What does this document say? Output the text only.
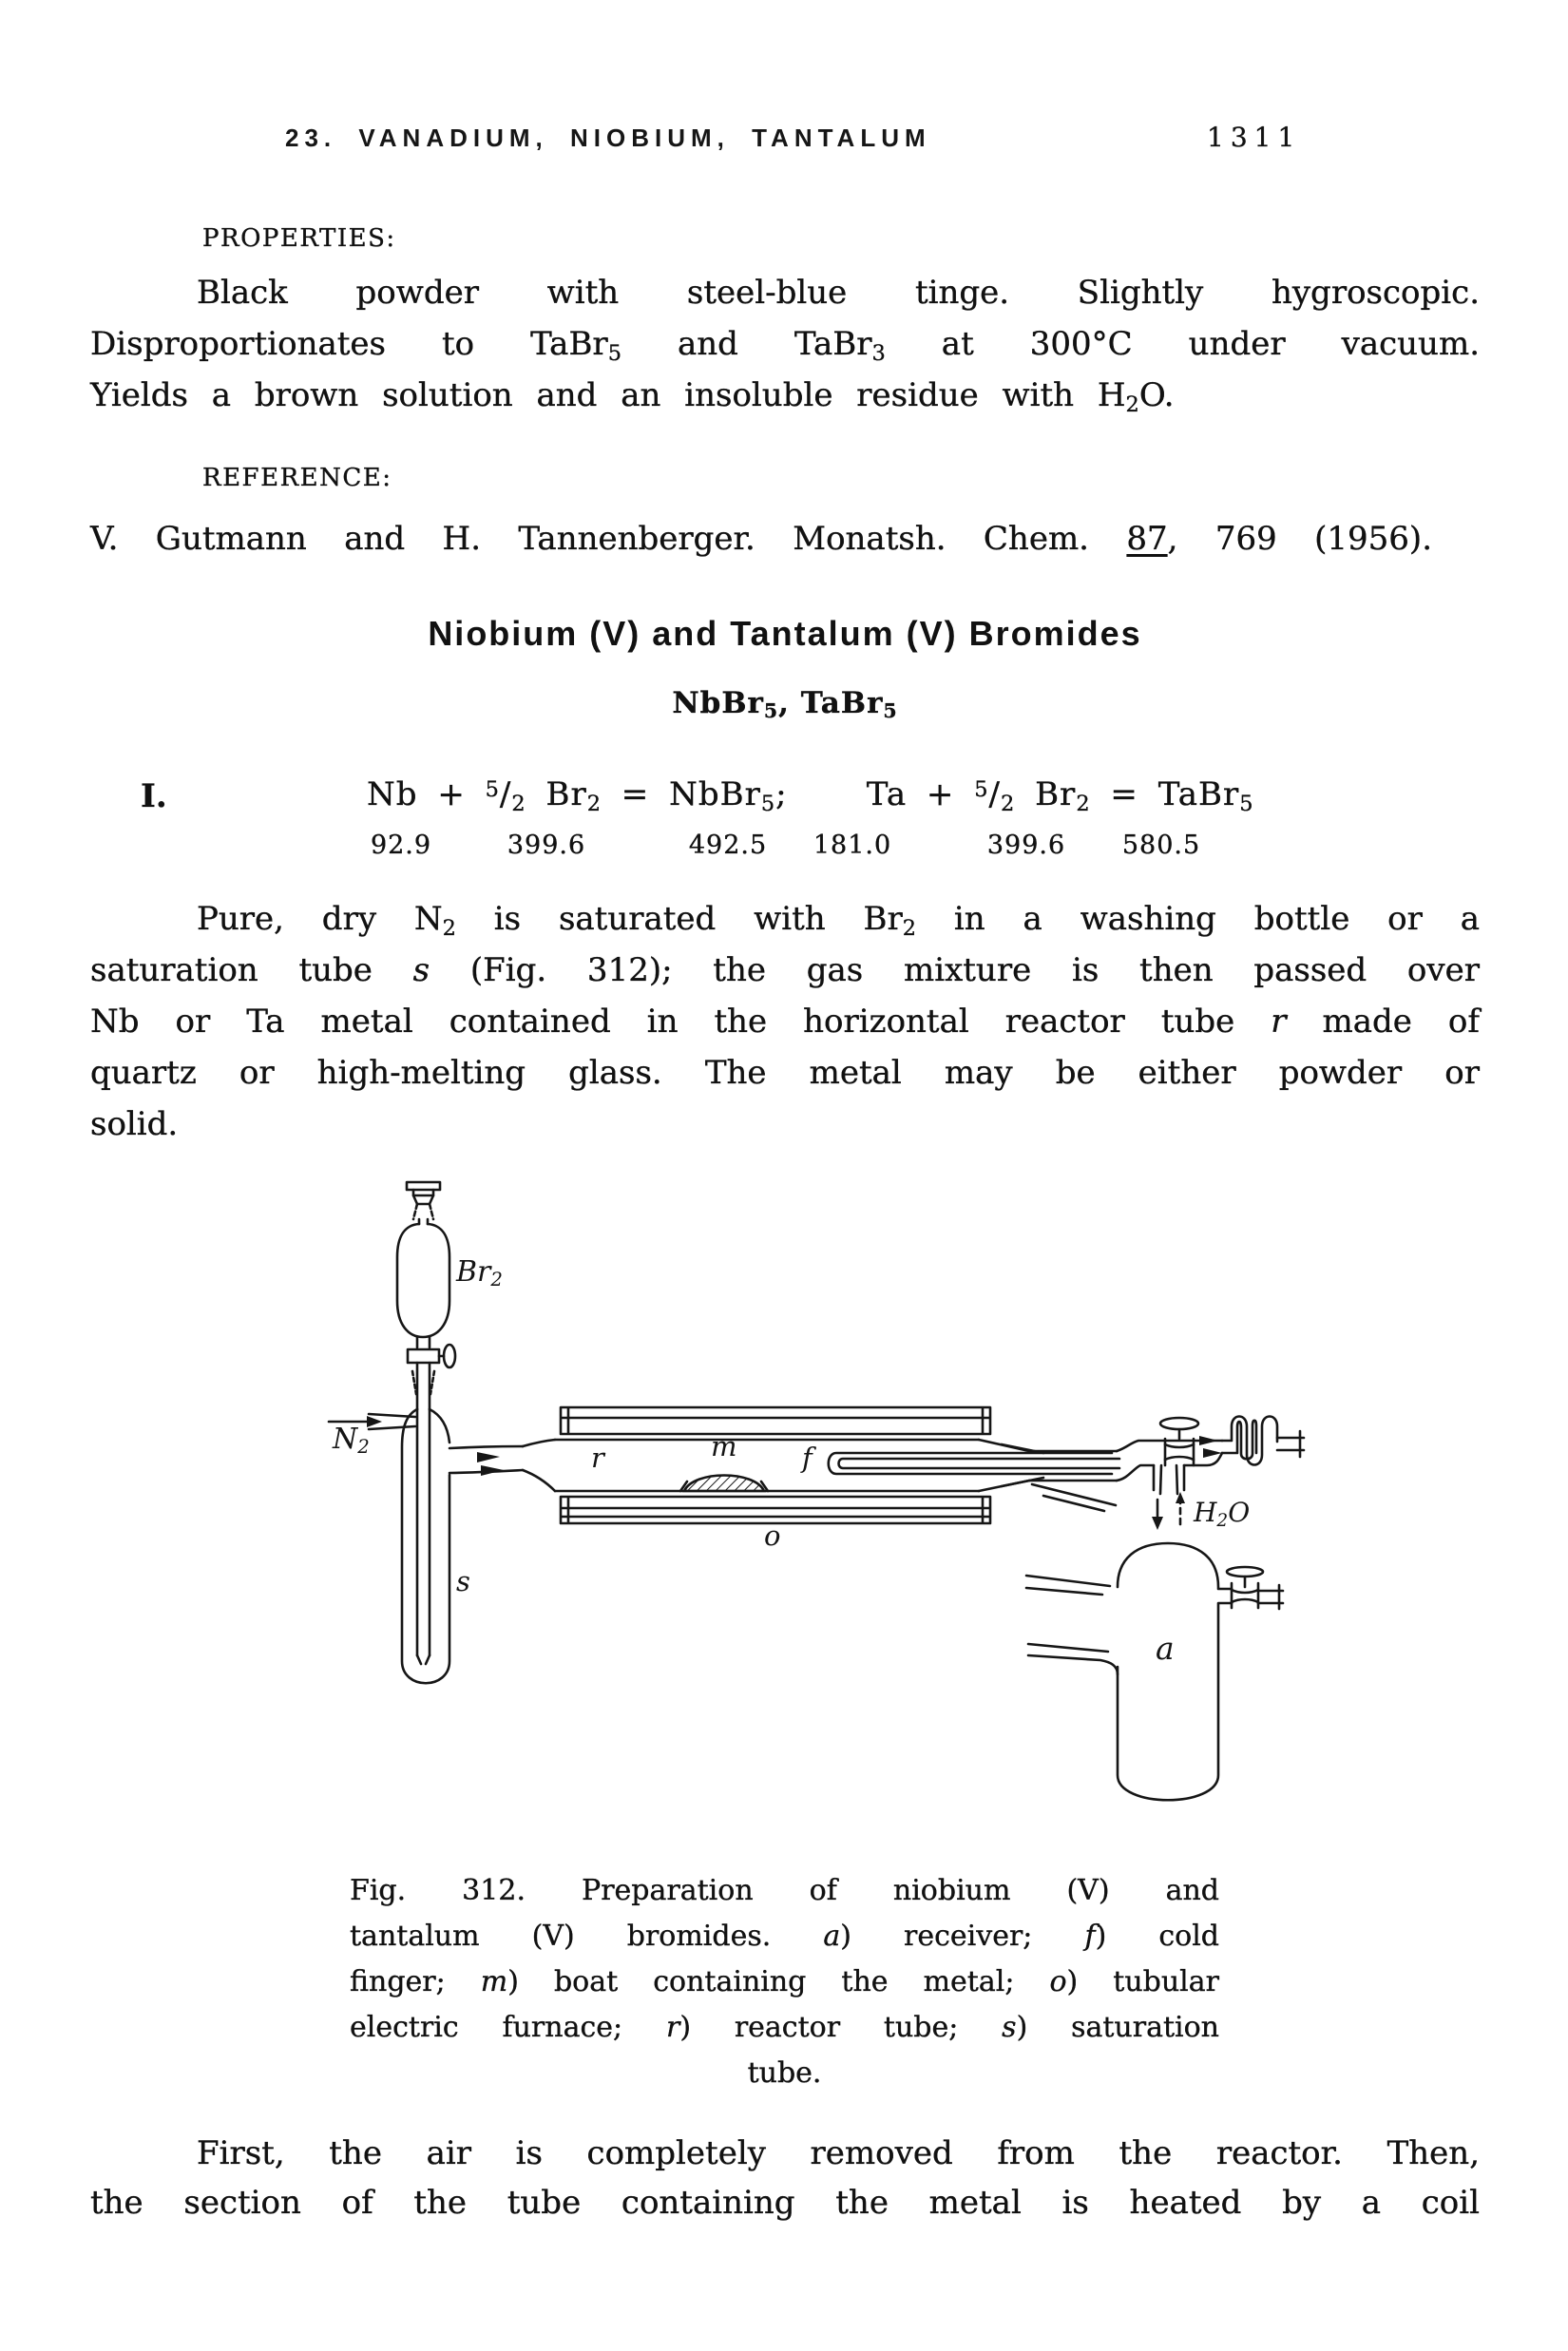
23. VANADIUM, NIOBIUM, TANTALUM	1311
PROPERTIES:
Black powder with steel-blue tinge. Slightly hygroscopic.
Disproportionates to TaBr$_5$ and TaBr$_3$ at 300°C under vacuum.
Yields a brown solution and an insoluble residue with $H_2O$.
REFERENCE:
V. Gutmann and H. Tannenberger. Monatsh. Chem. 87, 769 (1956).
Niobium (V) and Tantalum (V) Bromides
NbBr$_5$, TaBr$_5$
I.	$Nb + ^5/_2$ $Br_2$ = NbBr$_5$;    $Ta + ^5/_2$ $Br_2$ = TaBr$_5$
92.9	399.6	492.5 181.0	399.6 580.5
Pure, dry $N_2$ is saturated with $Br_2$ in a washing bottle or a
saturation tube s (Fig. 312); the gas mixture is then passed over
Nb or Ta metal contained in the horizontal reactor tube r made of
quartz or high-melting glass. The metal may be either powder or
solid.
$Br_2$
$N_2$
s
r	m
o
f
$H_2O$
a
Fig. 312. Preparation of niobium (V) and
tantalum (V) bromides. a) receiver; f) cold
finger; m) boat containing the metal; o) tubular
electric furnace; r) reactor tube; s) saturation
tube.
First, the air is completely removed from the reactor. Then,
the section of the tube containing the metal is heated by a coil
